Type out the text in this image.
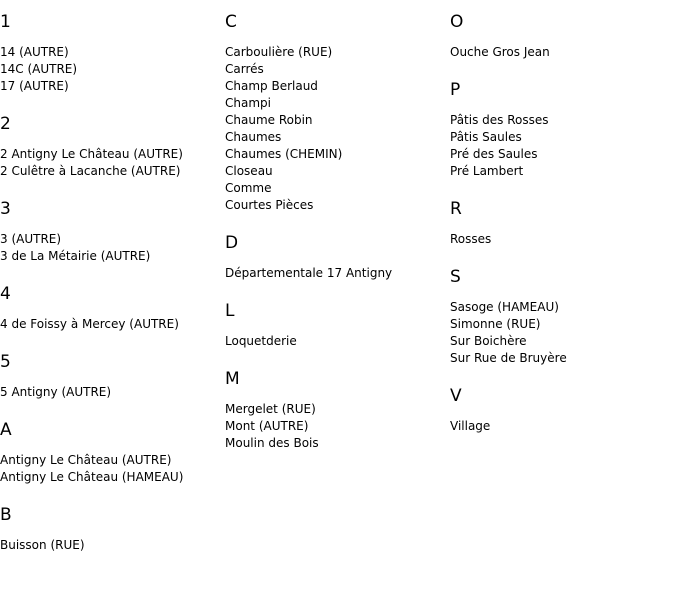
1
14 (AUTRE)
14C (AUTRE)
17 (AUTRE)
2
2 Antigny Le Château (AUTRE)
2 Culêtre à Lacanche (AUTRE)
3
3 (AUTRE)
3 de La Métairie (AUTRE)
4
4 de Foissy à Mercey (AUTRE)
5
5 Antigny (AUTRE)
A
Antigny Le Château (AUTRE)
Antigny Le Château (HAMEAU)
B
Buisson (RUE)
C
Carboulière (RUE)
Carrés
Champ Berlaud
Champi
Chaume Robin
Chaumes
Chaumes (CHEMIN)
Closeau
Comme
Courtes Pièces
D
Départementale 17 Antigny
L
Loquetderie
M
Mergelet (RUE)
Mont (AUTRE)
Moulin des Bois
O
Ouche Gros Jean
P
Pâtis des Rosses
Pâtis Saules
Pré des Saules
Pré Lambert
R
Rosses
S
Sasoge (HAMEAU)
Simonne (RUE)
Sur Boichère
Sur Rue de Bruyère
V
Village
